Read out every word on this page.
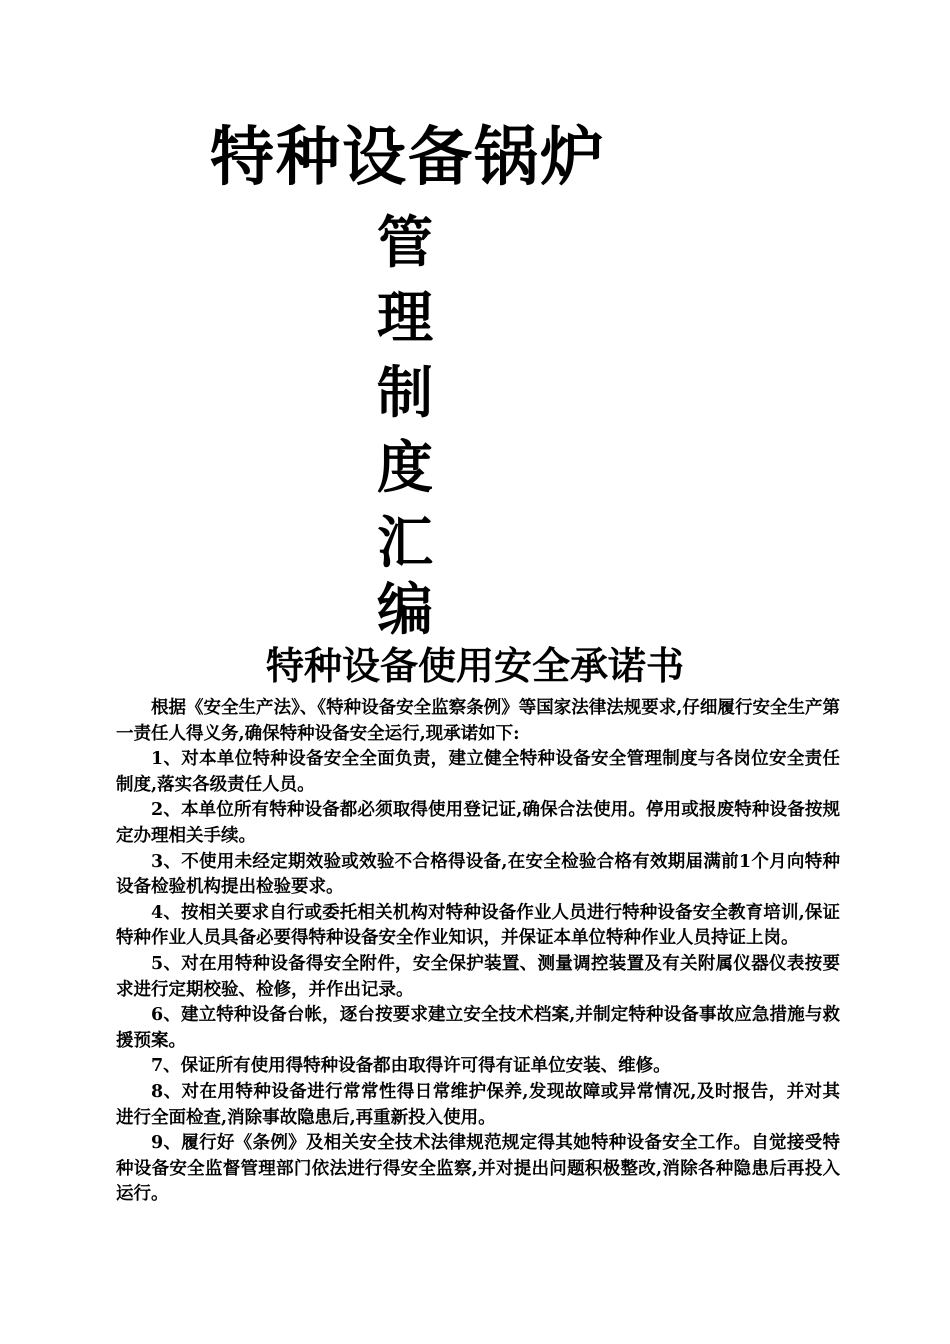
特种设备锅炉
管
理
制
度
汇
编
特种设备使用安全承诺书

根据《安全生产法》、《特种设备安全监察条例》等国家法律法规要求,仔细履行安全生产第一责任人得义务,确保特种设备安全运行,现承诺如下:

1、对本单位特种设备安全全面负责，建立健全特种设备安全管理制度与各岗位安全责任制度,落实各级责任人员。

2、本单位所有特种设备都必须取得使用登记证,确保合法使用。停用或报废特种设备按规定办理相关手续。

3、不使用未经定期效验或效验不合格得设备,在安全检验合格有效期届满前1个月向特种设备检验机构提出检验要求。

4、按相关要求自行或委托相关机构对特种设备作业人员进行特种设备安全教育培训,保证特种作业人员具备必要得特种设备安全作业知识，并保证本单位特种作业人员持证上岗。

5、对在用特种设备得安全附件，安全保护装置、测量调控装置及有关附属仪器仪表按要求进行定期校验、检修，并作出记录。

6、建立特种设备台帐，逐台按要求建立安全技术档案,并制定特种设备事故应急措施与救援预案。

7、保证所有使用得特种设备都由取得许可得有证单位安装、维修。

8、对在用特种设备进行常常性得日常维护保养,发现故障或异常情况,及时报告，并对其进行全面检查,消除事故隐患后,再重新投入使用。

9、履行好《条例》及相关安全技术法律规范规定得其她特种设备安全工作。自觉接受特种设备安全监督管理部门依法进行得安全监察,并对提出问题积极整改,消除各种隐患后再投入运行。
